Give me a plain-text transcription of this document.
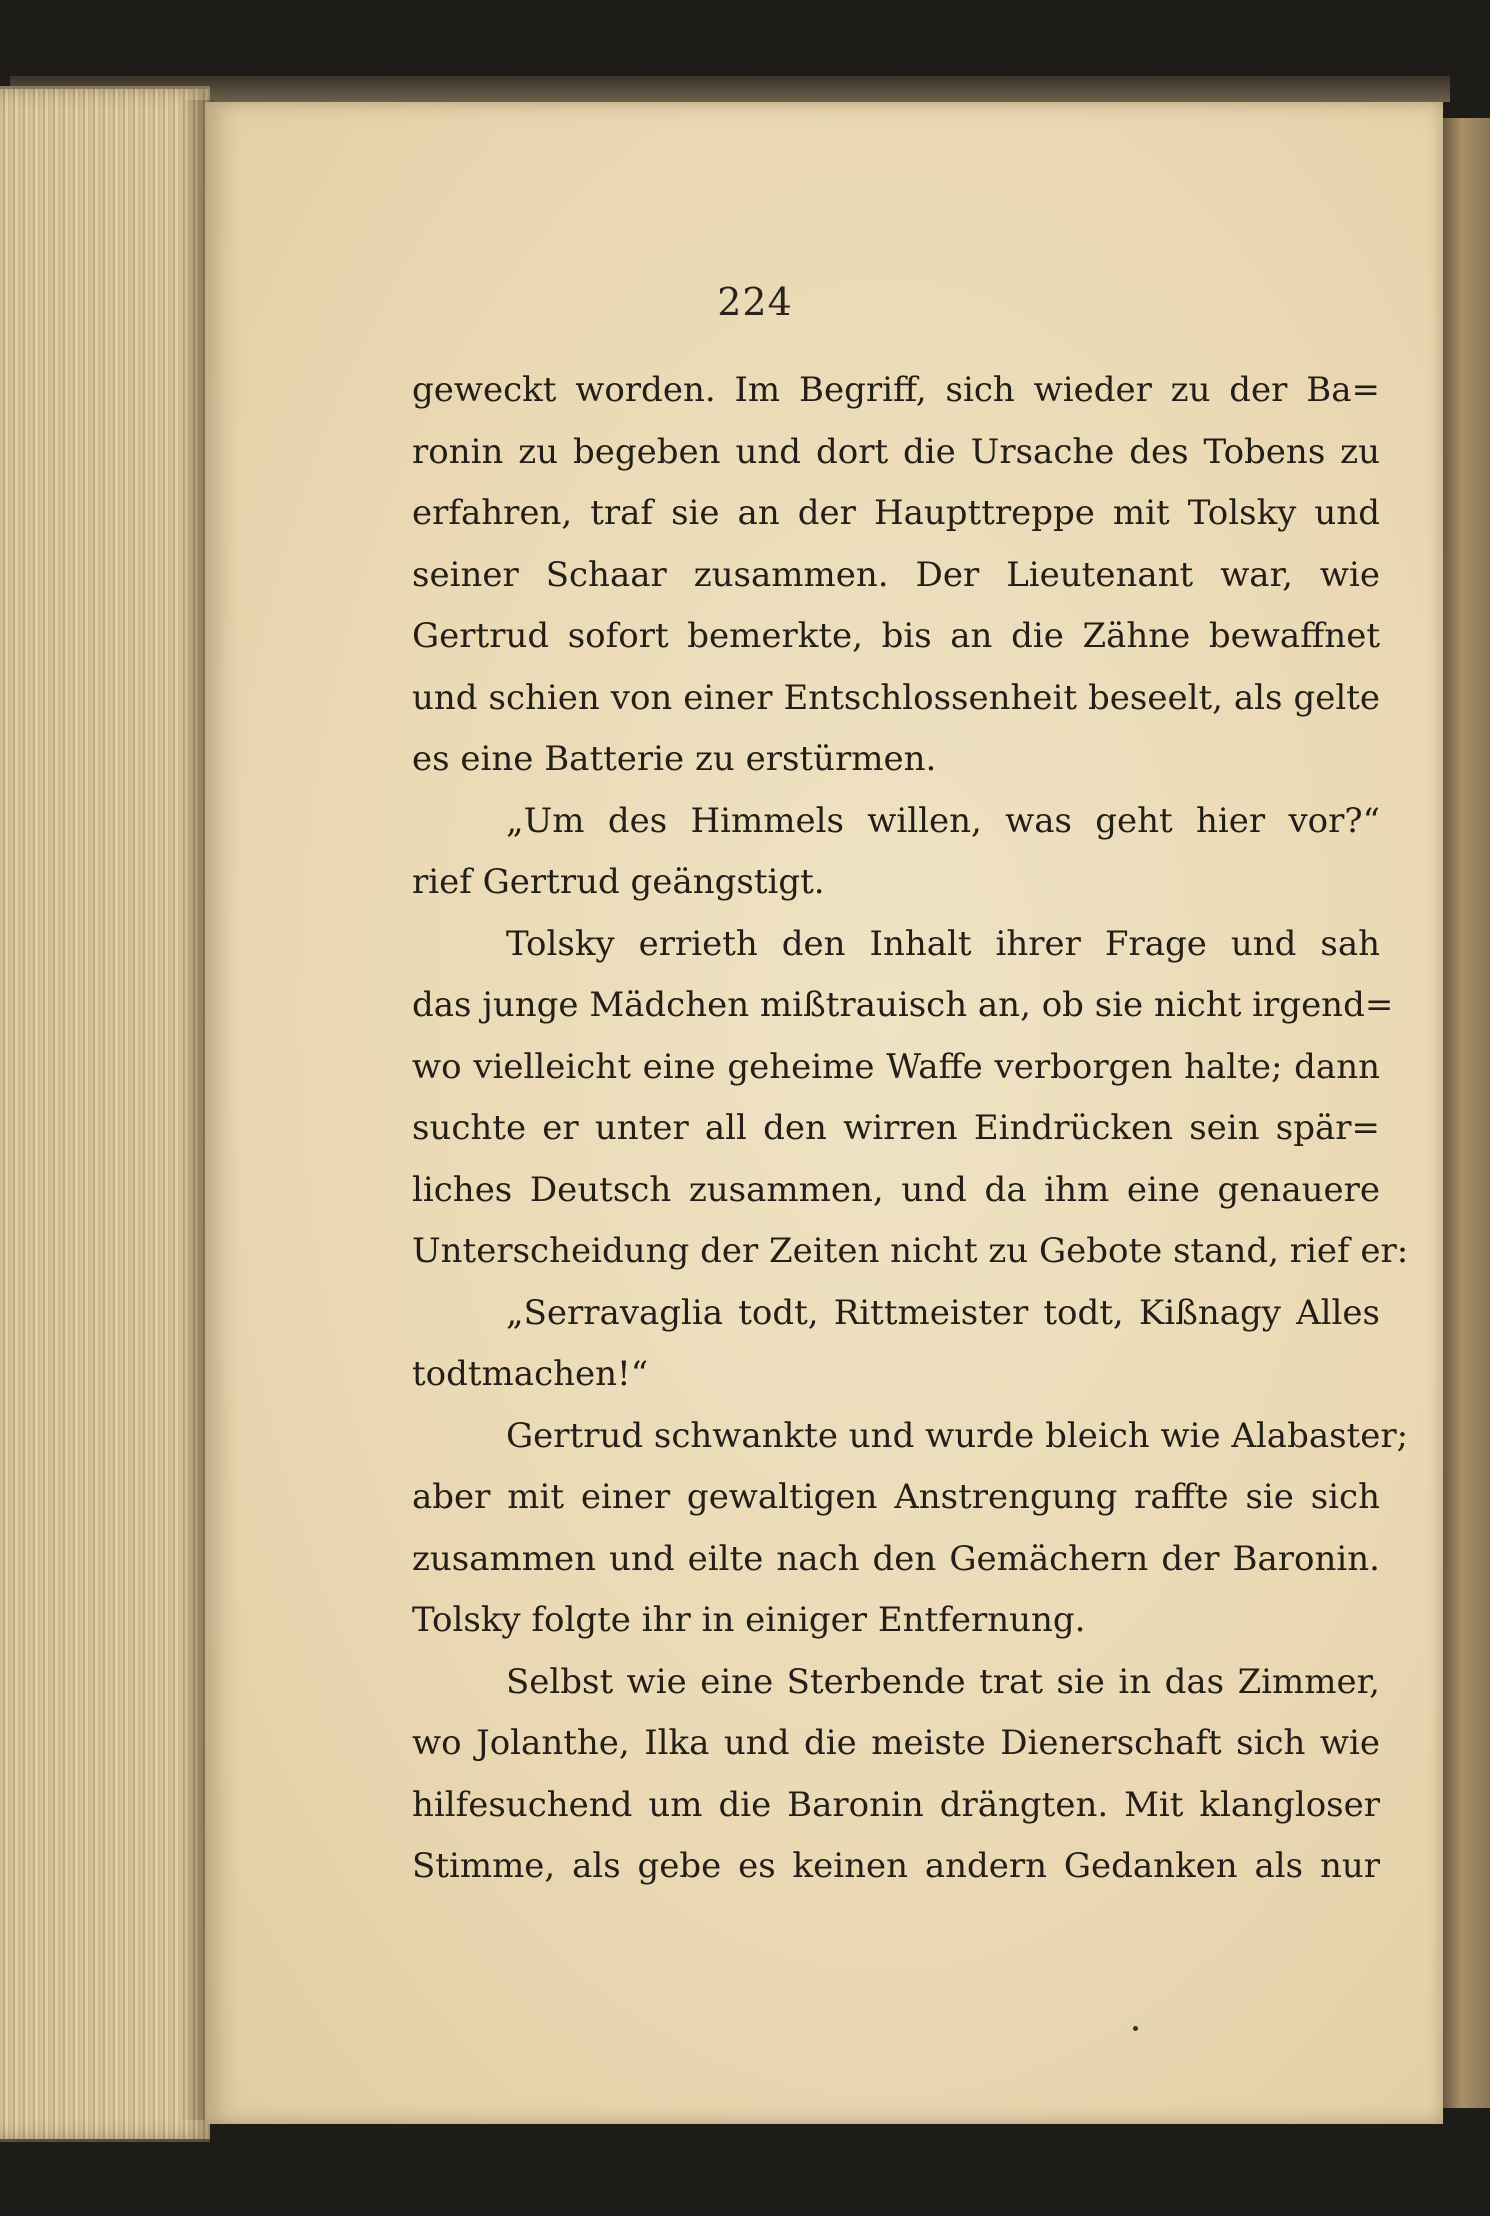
224
geweckt worden. Im Begriff, sich wieder zu der Ba=
ronin zu begeben und dort die Ursache des Tobens zu
erfahren, traf sie an der Haupttreppe mit Tolsky und
seiner Schaar zusammen. Der Lieutenant war, wie
Gertrud sofort bemerkte, bis an die Zähne bewaffnet
und schien von einer Entschlossenheit beseelt, als gelte
es eine Batterie zu erstürmen.
„Um des Himmels willen, was geht hier vor?“
rief Gertrud geängstigt.
Tolsky errieth den Inhalt ihrer Frage und sah
das junge Mädchen mißtrauisch an, ob sie nicht irgend=
wo vielleicht eine geheime Waffe verborgen halte; dann
suchte er unter all den wirren Eindrücken sein spär=
liches Deutsch zusammen, und da ihm eine genauere
Unterscheidung der Zeiten nicht zu Gebote stand, rief er:
„Serravaglia todt, Rittmeister todt, Kißnagy Alles
todtmachen!“
Gertrud schwankte und wurde bleich wie Alabaster;
aber mit einer gewaltigen Anstrengung raffte sie sich
zusammen und eilte nach den Gemächern der Baronin.
Tolsky folgte ihr in einiger Entfernung.
Selbst wie eine Sterbende trat sie in das Zimmer,
wo Jolanthe, Ilka und die meiste Dienerschaft sich wie
hilfesuchend um die Baronin drängten. Mit klangloser
Stimme, als gebe es keinen andern Gedanken als nur
